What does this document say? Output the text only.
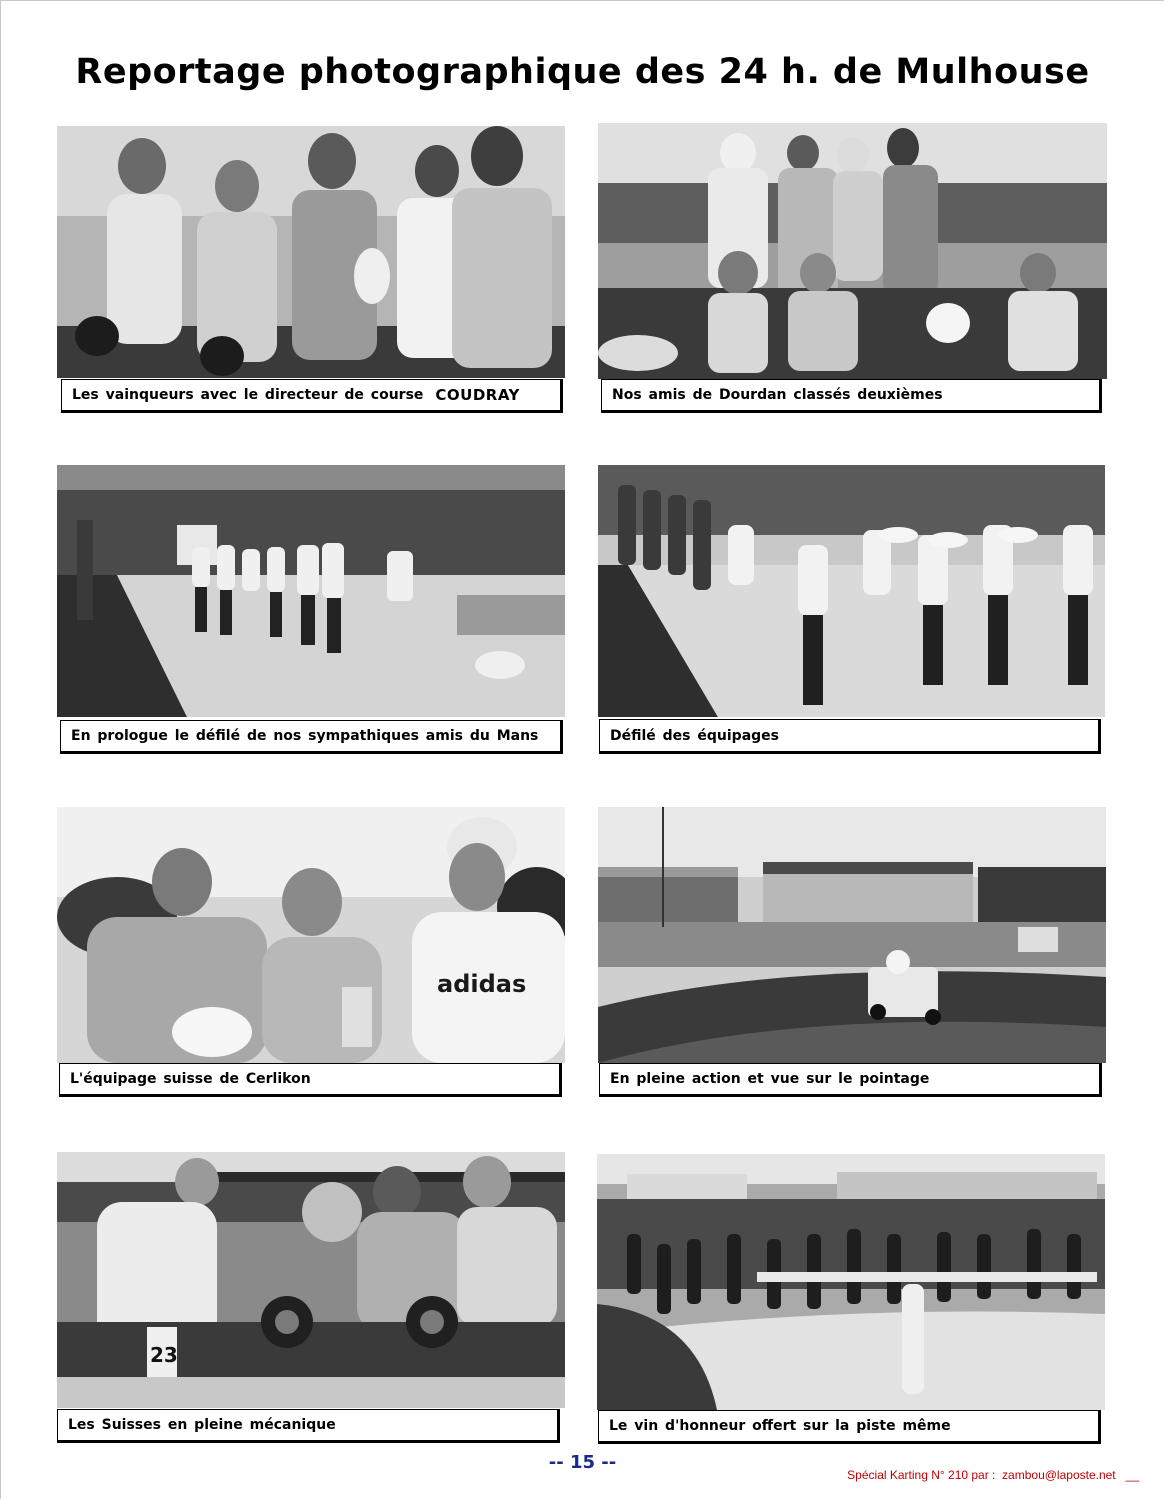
Reportage photographique des 24 h. de Mulhouse
Les vainqueurs avec le directeur de course COUDRAY	Nos amis de Dourdan classés deuxièmes
En prologue le défilé de nos sympathiques amis du Mans	Défilé des équipages
adidas
L'équipage suisse de Cerlikon	En pleine action et vue sur le pointage
23
Les Suisses en pleine mécanique	Le vin d'honneur offert sur la piste même
-- 15 --
Spécial Karting N° 210 par :  zambou@laposte.net   __
